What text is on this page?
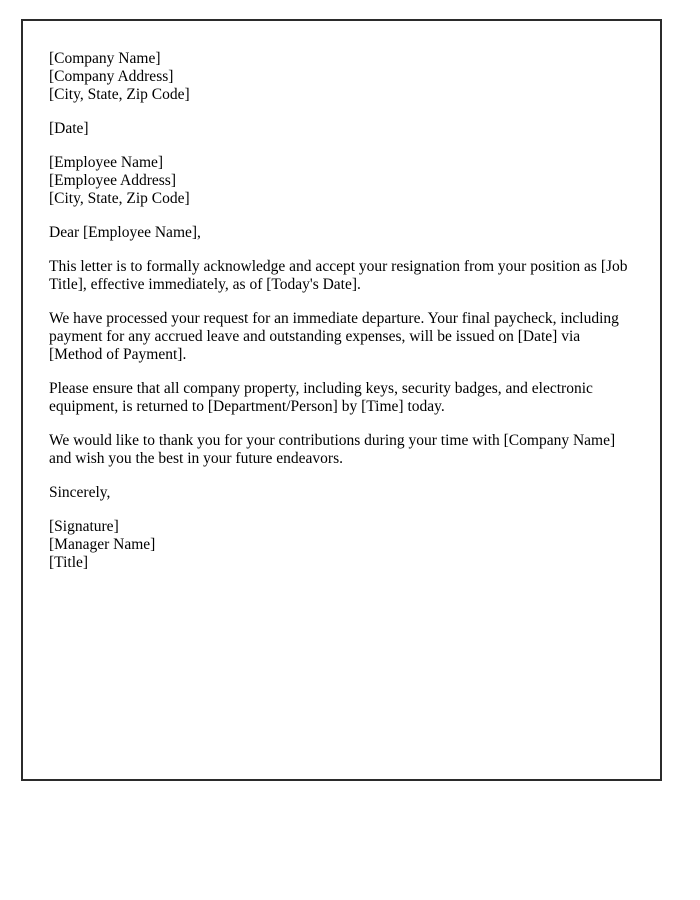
[Company Name]
[Company Address]
[City, State, Zip Code]
[Date]
[Employee Name]
[Employee Address]
[City, State, Zip Code]
Dear [Employee Name],

This letter is to formally acknowledge and accept your resignation from your position as [Job Title], effective immediately, as of [Today's Date].

We have processed your request for an immediate departure. Your final paycheck, including payment for any accrued leave and outstanding expenses, will be issued on [Date] via [Method of Payment].

Please ensure that all company property, including keys, security badges, and electronic equipment, is returned to [Department/Person] by [Time] today.

We would like to thank you for your contributions during your time with [Company Name] and wish you the best in your future endeavors.

Sincerely,
[Signature]
[Manager Name]
[Title]
